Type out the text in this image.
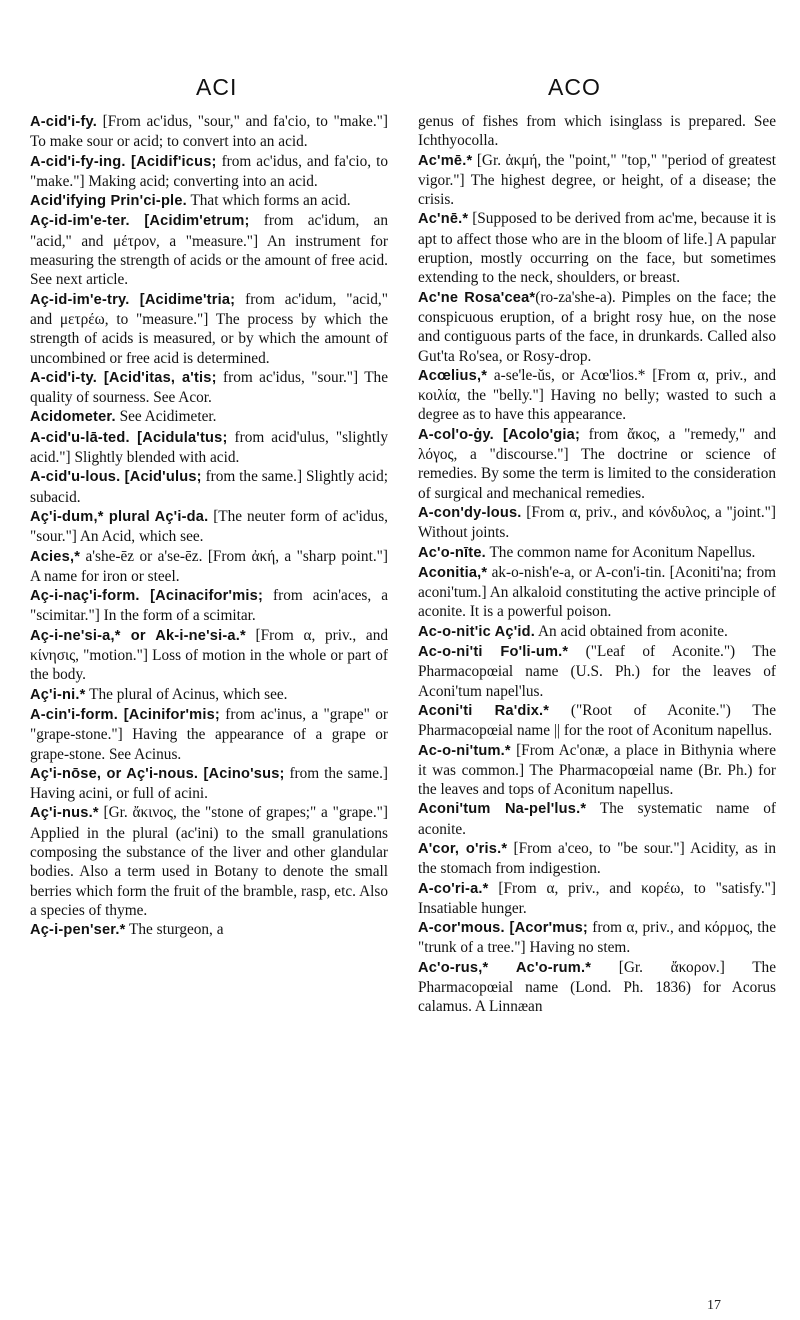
ACI	ACO

A-cid'i-fy. [From ac'idus, "sour," and fa'cio, to "make."] To make sour or acid; to convert into an acid.

A-cid'i-fy-ing. [Acidif'icus; from ac'idus, and fa'cio, to "make."] Making acid; converting into an acid.

Acid'ifying Prin'ci-ple. That which forms an acid.

Aç-id-im'e-ter. [Acidim'etrum; from ac'idum, an "acid," and μέτρον, a "measure."] An instrument for measuring the strength of acids or the amount of free acid. See next article.

Aç-id-im'e-try. [Acidime'tria; from ac'idum, "acid," and μετρέω, to "measure."] The process by which the strength of acids is measured, or by which the amount of uncombined or free acid is determined.

A-cid'i-ty. [Acid'itas, a'tis; from ac'idus, "sour."] The quality of sourness. See Acor.

Acidometer. See Acidimeter.

A-cid'u-lā-ted. [Acidula'tus; from acid'ulus, "slightly acid."] Slightly blended with acid.

A-cid'u-lous. [Acid'ulus; from the same.] Slightly acid; subacid.

Aç'i-dum,* plural Aç'i-da. [The neuter form of ac'idus, "sour."] An Acid, which see.

Acies,* a'she-ēz or a'se-ēz. [From ἀκή, a "sharp point."] A name for iron or steel.

Aç-i-naç'i-form. [Acinacifor'mis; from acin'aces, a "scimitar."] In the form of a scimitar.

Aç-i-ne'si-a,* or Ak-i-ne'si-a.* [From α, priv., and κίνησις, "motion."] Loss of motion in the whole or part of the body.

Aç'i-ni.* The plural of Acinus, which see.

A-cin'i-form. [Acinifor'mis; from ac'inus, a "grape" or "grape-stone."] Having the appearance of a grape or grape-stone. See Acinus.

Aç'i-nōse, or Aç'i-nous. [Acino'sus; from the same.] Having acini, or full of acini.

Aç'i-nus.* [Gr. ἄκινος, the "stone of grapes;" a "grape."] Applied in the plural (ac'ini) to the small granulations composing the substance of the liver and other glandular bodies. Also a term used in Botany to denote the small berries which form the fruit of the bramble, rasp, etc. Also a species of thyme.

Aç-i-pen'ser.* The sturgeon, a

genus of fishes from which isinglass is prepared. See Ichthyocolla.

Ac'mē.* [Gr. ἀκμή, the "point," "top," "period of greatest vigor."] The highest degree, or height, of a disease; the crisis.

Ac'nē.* [Supposed to be derived from ac'me, because it is apt to affect those who are in the bloom of life.] A papular eruption, mostly occurring on the face, but sometimes extending to the neck, shoulders, or breast.

Ac'ne Rosa'cea*(ro-za'she-a). Pimples on the face; the conspicuous eruption, of a bright rosy hue, on the nose and contiguous parts of the face, in drunkards. Called also Gut'ta Ro'sea, or Rosy-drop.

Acœlius,* a-se'le-ŭs, or Acœ'lios.* [From α, priv., and κοιλία, the "belly."] Having no belly; wasted to such a degree as to have this appearance.

A-col'o-ġy. [Acolo'gia; from ἄκος, a "remedy," and λόγος, a "discourse."] The doctrine or science of remedies. By some the term is limited to the consideration of surgical and mechanical remedies.

A-con'dy-lous. [From α, priv., and κόνδυλος, a "joint."] Without joints.

Ac'o-nīte. The common name for Aconitum Napellus.

Aconitia,* ak-o-nish'e-a, or A-con'i-tin. [Aconiti'na; from aconi'tum.] An alkaloid constituting the active principle of aconite. It is a powerful poison.

Ac-o-nit'ic Aç'id. An acid obtained from aconite.

Ac-o-ni'ti Fo'li-um.* ("Leaf of Aconite.") The Pharmacopœial name (U.S. Ph.) for the leaves of Aconi'tum napel'lus.

Aconi'ti Ra'dix.* ("Root of Aconite.") The Pharmacopœial name || for the root of Aconitum napellus.

Ac-o-ni'tum.* [From Ac'onæ, a place in Bithynia where it was common.] The Pharmacopœial name (Br. Ph.) for the leaves and tops of Aconitum napellus.

Aconi'tum Na-pel'lus.* The systematic name of aconite.

A'cor, o'ris.* [From a'ceo, to "be sour."] Acidity, as in the stomach from indigestion.

A-co'ri-a.* [From α, priv., and κορέω, to "satisfy."] Insatiable hunger.

A-cor'mous. [Acor'mus; from α, priv., and κόρμος, the "trunk of a tree."] Having no stem.

Ac'o-rus,* Ac'o-rum.* [Gr. ἄκορον.] The Pharmacopœial name (Lond. Ph. 1836) for Acorus calamus. A Linnæan

17
